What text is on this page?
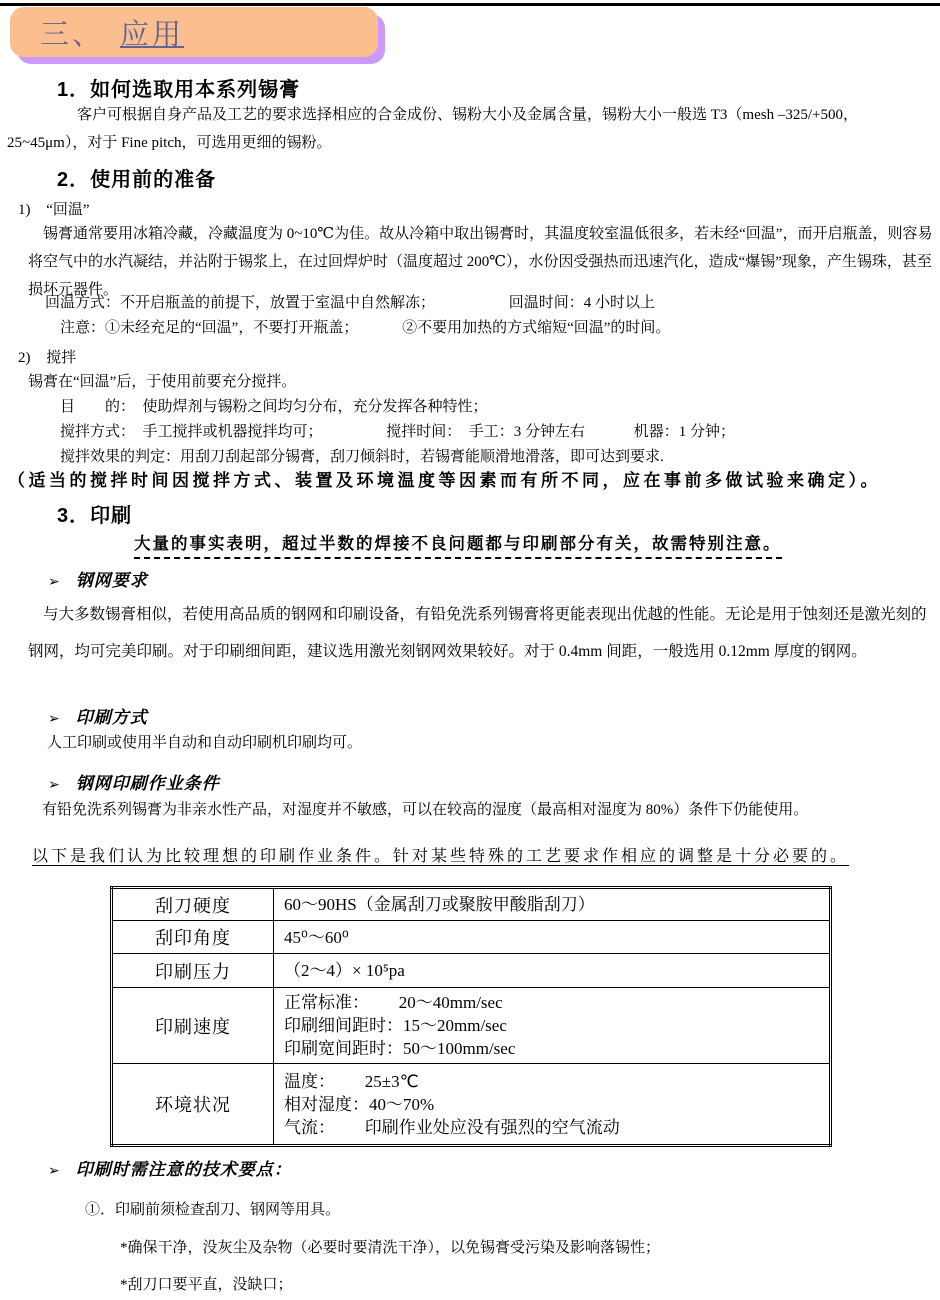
三、 应用
1．如何选取用本系列锡膏
客户可根据自身产品及工艺的要求选择相应的合金成份、锡粉大小及金属含量，锡粉大小一般选 T3（mesh –325/+500，25~45μm），对于 Fine pitch，可选用更细的锡粉。
2．使用前的准备
1) “回温”
锡膏通常要用冰箱冷藏，冷藏温度为 0~10℃为佳。故从冷箱中取出锡膏时，其温度较室温低很多，若未经“回温”，而开启瓶盖，则容易将空气中的水汽凝结，并沾附于锡浆上，在过回焊炉时（温度超过 200℃），水份因受强热而迅速汽化，造成“爆锡”现象，产生锡珠，甚至损坏元器件。
回温方式：不开启瓶盖的前提下，放置于室温中自然解冻；	回温时间：4 小时以上
注意：①未经充足的“回温”，不要打开瓶盖；	②不要用加热的方式缩短“回温”的时间。
2) 搅拌
锡膏在“回温”后，于使用前要充分搅拌。
目　　的：　使助焊剂与锡粉之间均匀分布，充分发挥各种特性；
搅拌方式：　手工搅拌或机器搅拌均可；	搅拌时间：　手工：3 分钟左右	机器：1 分钟；
搅拌效果的判定：用刮刀刮起部分锡膏，刮刀倾斜时，若锡膏能顺滑地滑落，即可达到要求.
（适当的搅拌时间因搅拌方式、装置及环境温度等因素而有所不同，应在事前多做试验来确定）。
3．印刷
大量的事实表明，超过半数的焊接不良问题都与印刷部分有关，故需特别注意。
➢ 钢网要求
与大多数锡膏相似，若使用高品质的钢网和印刷设备，有铅免洗系列锡膏将更能表现出优越的性能。无论是用于蚀刻还是激光刻的钢网，均可完美印刷。对于印刷细间距，建议选用激光刻钢网效果较好。对于 0.4mm 间距，一般选用 0.12mm 厚度的钢网。
➢ 印刷方式
人工印刷或使用半自动和自动印刷机印刷均可。
➢ 钢网印刷作业条件
有铅免洗系列锡膏为非亲水性产品，对湿度并不敏感，可以在较高的湿度（最高相对湿度为 80%）条件下仍能使用。
以下是我们认为比较理想的印刷作业条件。针对某些特殊的工艺要求作相应的调整是十分必要的。
刮刀硬度	60～90HS（金属刮刀或聚胺甲酸脂刮刀）

刮印角度	45⁰～60⁰

印刷压力	（2～4）× 10⁵pa

印刷速度	正常标准：　　 20～40mm/sec
印刷细间距时：15～20mm/sec
印刷宽间距时：50～100mm/sec

环境状况	温度：　　 25±3℃
相对湿度：40～70%
气流：　　 印刷作业处应没有强烈的空气流动
➢ 印刷时需注意的技术要点：
①．印刷前须检查刮刀、钢网等用具。
*确保干净，没灰尘及杂物（必要时要清洗干净），以免锡膏受污染及影响落锡性；
*刮刀口要平直，没缺口；
